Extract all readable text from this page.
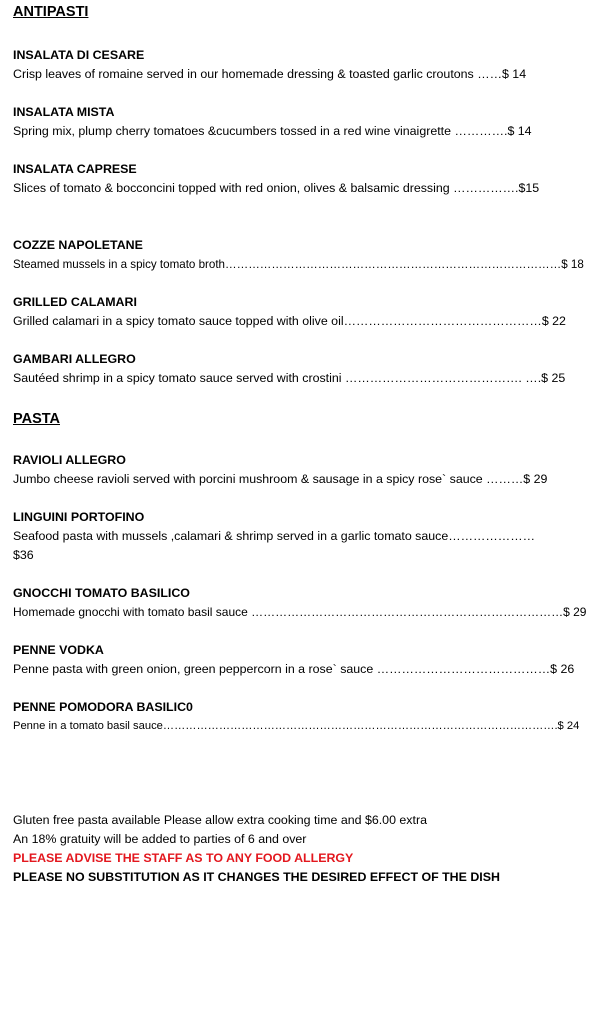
ANTIPASTI
INSALATA DI CESARE
Crisp leaves of romaine served in our homemade dressing & toasted garlic croutons ……$ 14
INSALATA MISTA
Spring mix, plump cherry tomatoes &cucumbers tossed in a red wine vinaigrette ………….$ 14
INSALATA CAPRESE
Slices of tomato & bocconcini topped with red onion, olives & balsamic dressing …………….$15
COZZE NAPOLETANE
Steamed mussels in a spicy tomato broth……………………………………………………………………………$ 18
GRILLED CALAMARI
Grilled calamari in a spicy tomato sauce topped with olive oil…………………………………………$ 22
GAMBARI ALLEGRO
Sautéed shrimp in a spicy tomato sauce served with crostini ……………………………………. ….$ 25
PASTA
RAVIOLI ALLEGRO
Jumbo cheese ravioli served with porcini mushroom & sausage in a spicy rose` sauce ………$ 29
LINGUINI PORTOFINO
Seafood pasta with mussels ,calamari & shrimp served in a garlic tomato sauce………………… $36
GNOCCHI TOMATO BASILICO
Homemade gnocchi with tomato basil sauce ……………………………………………………………………$ 29
PENNE VODKA
Penne pasta with green onion, green peppercorn in a rose` sauce ……………………………………$ 26
PENNE POMODORA BASILIC0
Penne in a tomato basil sauce…………………………………………………………………………………………….$ 24
Gluten free pasta available Please allow extra cooking time and $6.00 extra
An 18% gratuity will be added to parties of 6 and over
PLEASE ADVISE THE STAFF AS TO ANY FOOD ALLERGY
PLEASE NO SUBSTITUTION AS IT CHANGES THE DESIRED EFFECT OF THE DISH
